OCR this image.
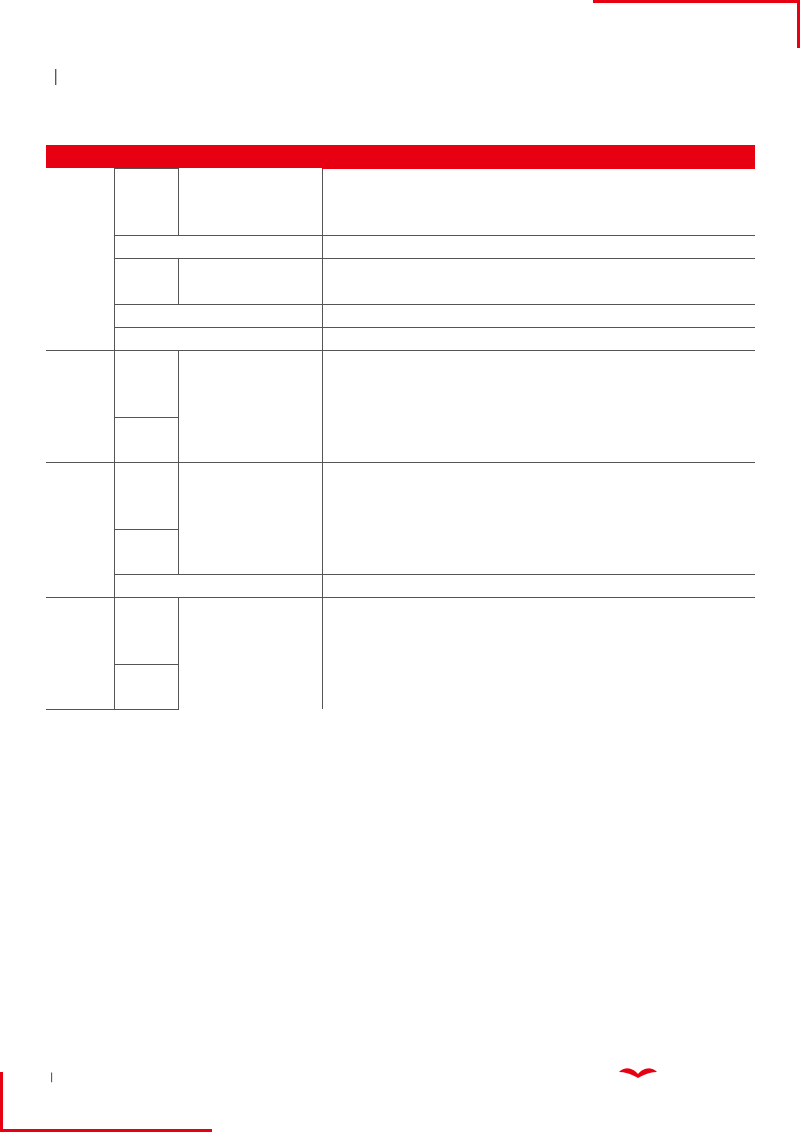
|

|
